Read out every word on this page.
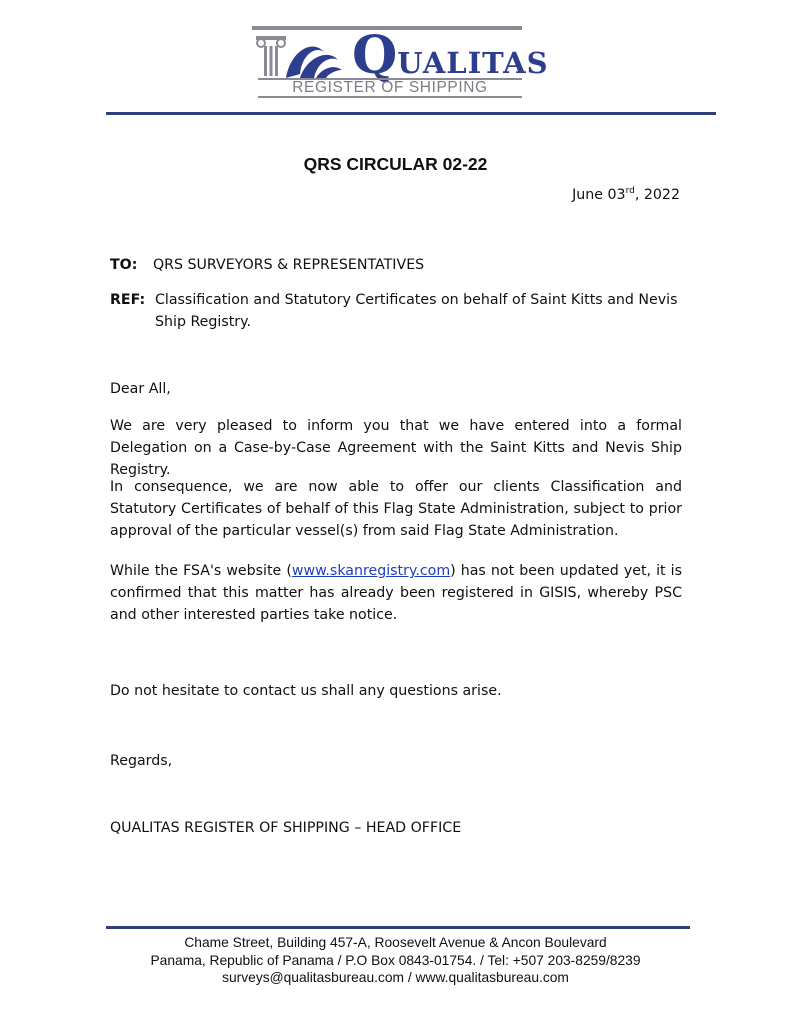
QUALITAS
REGISTER OF SHIPPING
QRS CIRCULAR 02-22
June 03rd, 2022
TO: QRS SURVEYORS & REPRESENTATIVES
REF: Classification and Statutory Certificates on behalf of Saint Kitts and Nevis Ship Registry.
Dear All,
We are very pleased to inform you that we have entered into a formal Delegation on a Case-by-Case Agreement with the Saint Kitts and Nevis Ship Registry.
In consequence, we are now able to offer our clients Classification and Statutory Certificates of behalf of this Flag State Administration, subject to prior approval of the particular vessel(s) from said Flag State Administration.
While the FSA's website (www.skanregistry.com) has not been updated yet, it is confirmed that this matter has already been registered in GISIS, whereby PSC and other interested parties take notice.
Do not hesitate to contact us shall any questions arise.
Regards,
QUALITAS REGISTER OF SHIPPING – HEAD OFFICE
Chame Street, Building 457-A, Roosevelt Avenue & Ancon Boulevard
Panama, Republic of Panama / P.O Box 0843-01754. / Tel: +507 203-8259/8239
surveys@qualitasbureau.com / www.qualitasbureau.com
